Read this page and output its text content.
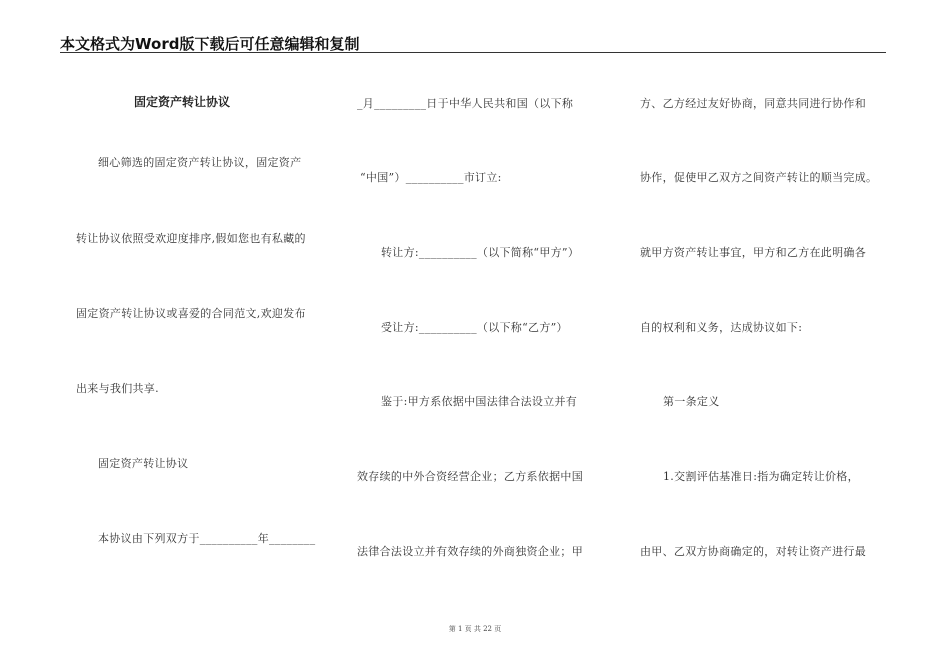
本文格式为Word版下载后可任意编辑和复制
固定资产转让协议
细心筛选的固定资产转让协议，固定资产
转让协议依照受欢迎度排序,假如您也有私藏的
固定资产转让协议或喜爱的合同范文,欢迎发布
出来与我们共享.
固定资产转让协议
本协议由下列双方于__________年________
_月_________日于中华人民共和国（以下称
“中国”）__________市订立:
转让方:__________（以下简称“甲方”）
受让方:__________（以下称“乙方”）
鉴于:甲方系依据中国法律合法设立并有
效存续的中外合资经营企业；乙方系依据中国
法律合法设立并有效存续的外商独资企业；甲
方、乙方经过友好协商，同意共同进行协作和
协作，促使甲乙双方之间资产转让的顺当完成。
就甲方资产转让事宜，甲方和乙方在此明确各
自的权利和义务，达成协议如下:
第一条定义
1.交割评估基准日:指为确定转让价格，
由甲、乙双方协商确定的，对转让资产进行最
第 1 页 共 22 页
